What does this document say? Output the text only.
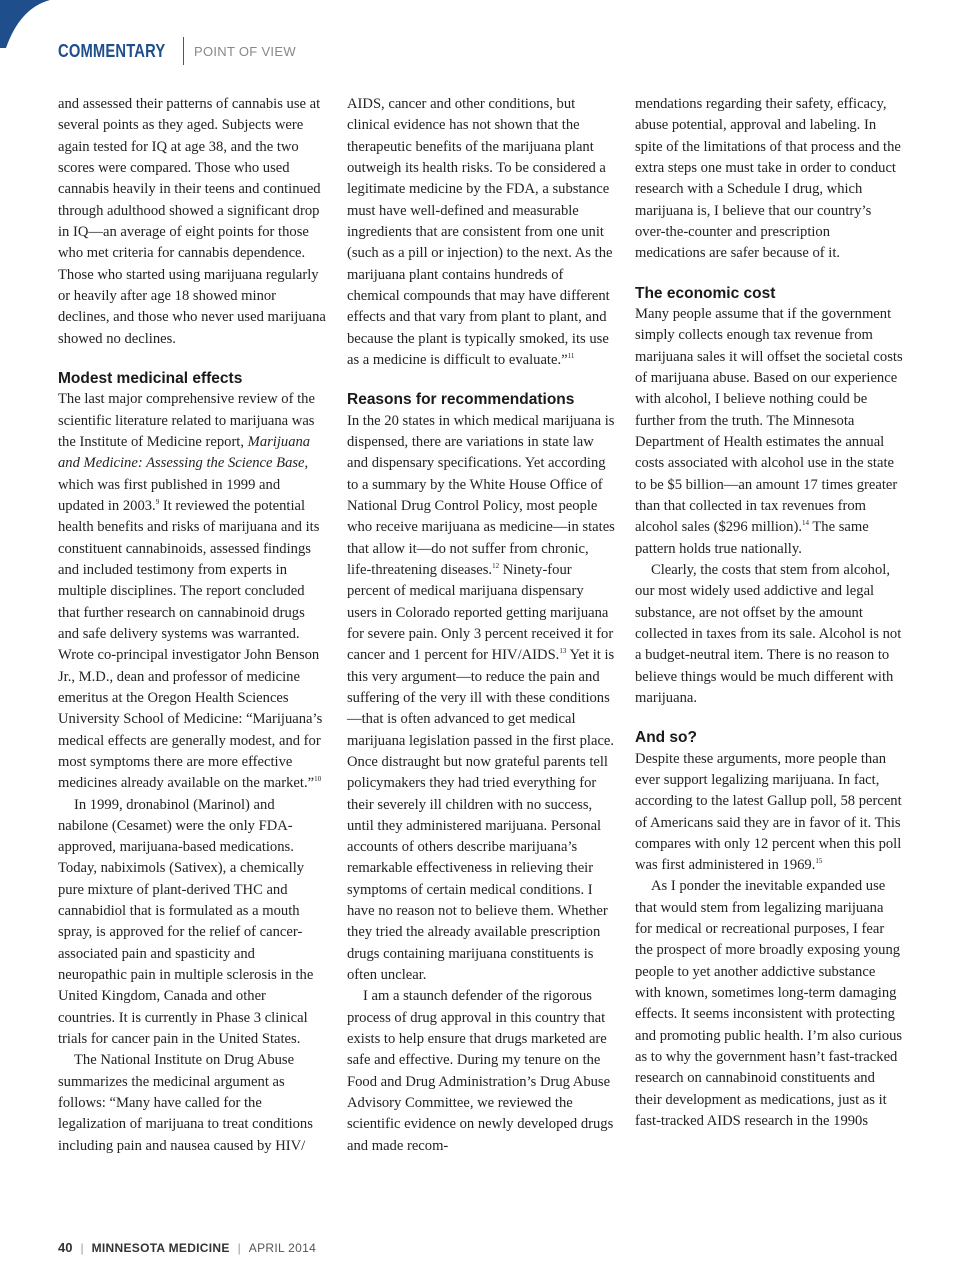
COMMENTARY POINT OF VIEW

and assessed their patterns of cannabis use at several points as they aged. Subjects were again tested for IQ at age 38, and the two scores were compared. Those who used cannabis heavily in their teens and continued through adulthood showed a significant drop in IQ—an average of eight points for those who met criteria for cannabis dependence. Those who started using marijuana regularly or heavily after age 18 showed minor declines, and those who never used marijuana showed no declines.

Modest medicinal effects

The last major comprehensive review of the scientific literature related to marijuana was the Institute of Medicine report, Marijuana and Medicine: Assessing the Science Base, which was first published in 1999 and updated in 2003.$^9$ It reviewed the potential health benefits and risks of marijuana and its constituent cannabinoids, assessed findings and included testimony from experts in multiple disciplines. The report concluded that further research on cannabinoid drugs and safe delivery systems was warranted. Wrote co-principal investigator John Benson Jr., M.D., dean and professor of medicine emeritus at the Oregon Health Sciences University School of Medicine: “Marijuana’s medical effects are generally modest, and for most symptoms there are more effective medicines already available on the market.”$^{10}$

In 1999, dronabinol (Marinol) and nabilone (Cesamet) were the only FDA-approved, marijuana-based medications. Today, nabiximols (Sativex), a chemically pure mixture of plant-derived THC and cannabidiol that is formulated as a mouth spray, is approved for the relief of cancer-associated pain and spasticity and neuropathic pain in multiple sclerosis in the United Kingdom, Canada and other countries. It is currently in Phase 3 clinical trials for cancer pain in the United States.

The National Institute on Drug Abuse summarizes the medicinal argument as follows: “Many have called for the legalization of marijuana to treat conditions including pain and nausea caused by HIV/

AIDS, cancer and other conditions, but clinical evidence has not shown that the therapeutic benefits of the marijuana plant outweigh its health risks. To be considered a legitimate medicine by the FDA, a substance must have well-defined and measurable ingredients that are consistent from one unit (such as a pill or injection) to the next. As the marijuana plant contains hundreds of chemical compounds that may have different effects and that vary from plant to plant, and because the plant is typically smoked, its use as a medicine is difficult to evaluate.”$^{11}$

Reasons for recommendations

In the 20 states in which medical marijuana is dispensed, there are variations in state law and dispensary specifications. Yet according to a summary by the White House Office of National Drug Control Policy, most people who receive marijuana as medicine—in states that allow it—do not suffer from chronic, life-threatening diseases.$^{12}$ Ninety-four percent of medical marijuana dispensary users in Colorado reported getting marijuana for severe pain. Only 3 percent received it for cancer and 1 percent for HIV/AIDS.$^{13}$ Yet it is this very argument—to reduce the pain and suffering of the very ill with these conditions—that is often advanced to get medical marijuana legislation passed in the first place. Once distraught but now grateful parents tell policymakers they had tried everything for their severely ill children with no success, until they administered marijuana. Personal accounts of others describe marijuana’s remarkable effectiveness in relieving their symptoms of certain medical conditions. I have no reason not to believe them. Whether they tried the already available prescription drugs containing marijuana constituents is often unclear.

I am a staunch defender of the rigorous process of drug approval in this country that exists to help ensure that drugs marketed are safe and effective. During my tenure on the Food and Drug Administration’s Drug Abuse Advisory Committee, we reviewed the scientific evidence on newly developed drugs and made recom-

mendations regarding their safety, efficacy, abuse potential, approval and labeling. In spite of the limitations of that process and the extra steps one must take in order to conduct research with a Schedule I drug, which marijuana is, I believe that our country’s over-the-counter and prescription medications are safer because of it.

The economic cost

Many people assume that if the government simply collects enough tax revenue from marijuana sales it will offset the societal costs of marijuana abuse. Based on our experience with alcohol, I believe nothing could be further from the truth. The Minnesota Department of Health estimates the annual costs associated with alcohol use in the state to be $5 billion—an amount 17 times greater than that collected in tax revenues from alcohol sales ($296 million).$^{14}$ The same pattern holds true nationally.

Clearly, the costs that stem from alcohol, our most widely used addictive and legal substance, are not offset by the amount collected in taxes from its sale. Alcohol is not a budget-neutral item. There is no reason to believe things would be much different with marijuana.

And so?

Despite these arguments, more people than ever support legalizing marijuana. In fact, according to the latest Gallup poll, 58 percent of Americans said they are in favor of it. This compares with only 12 percent when this poll was first administered in 1969.15

As I ponder the inevitable expanded use that would stem from legalizing marijuana for medical or recreational purposes, I fear the prospect of more broadly exposing young people to yet another addictive substance with known, sometimes long-term damaging effects. It seems inconsistent with protecting and promoting public health. I’m also curious as to why the government hasn’t fast-tracked research on cannabinoid constituents and their development as medications, just as it fast-tracked AIDS research in the 1990s

40 | MINNESOTA MEDICINE | APRIL 2014
